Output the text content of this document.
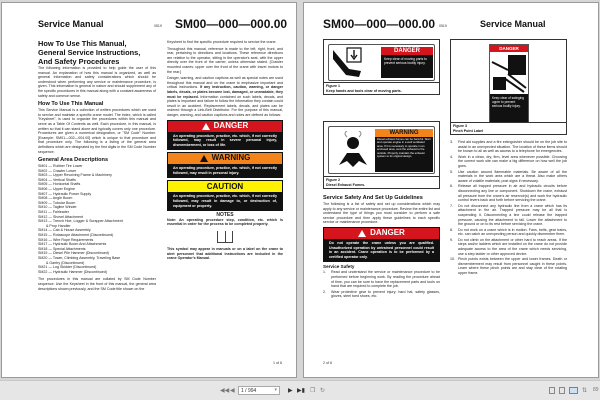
Service Manual	0519 SM00—000—000.00
How To Use This Manual, General Service Instructions, And Safety Procedures

The following information is provided to help guide the user of this manual. An explanation of how this manual is organized, as well as general information and safety considerations which should be understood when performing any service or maintenance procedure, is given. This information is general in nature and should supplement any of the specific procedures in this manual along with a constant awareness of safety and common sense.

How To Use This Manual

This Service Manual is a collection of written procedures which are used to service and maintain a specific crane model. The index, which is called "Keysheet", is used to organize the procedures within this manual and serve as a Table Of Contents as well. Each procedure, in this manual, is written so that it can stand alone and typically covers only one procedure. Procedures are given a numerical designation, or "SM Code" Number. [Example: SM01—002—004.00] which is unique to that procedure and that procedure only. The following is a listing of the general area definitions which are designated by the first digits in the SM Code Number sequence.

General Area Descriptions
SM01 — Rubber Tire Lower
SM02 — Crawler Lower
SM03 — Upper Revolving Frame & Machinery
SM04 — Vertical Shafts
SM05 — Horizontal Shafts
SM06 — Upper Engine
SM07 — Hydraulic Power Supply
SM08 — Angle Boom
SM09 — Tubular Boom
SM10 — Tagline Winder
SM11 — Fairleader
SM12 — Shovel Attachment
SM13 — Trench Hoe, Logger & Scrapper Attachment
& Prop Handler
SM14 — Cab & House Assembly
SM15 — Rotascope Attachment (Discontinued)
SM16 — Wire Rope Requirements
SM17 — Hydraulic Boom And Attachments
SM18 — Special Attachments
SM19 — Diesel Pile Hammer (Discontinued)
SM20 — Tower, Climbing Assembly, Traveling Base
& Gantry (Discontinued)
SM21 — Log Skidder (Discontinued)
SM22 — Hydraulic Hammer (Discontinued)

The procedures in this manual are collated by SM Code Number sequence. Use the Keysheet in the front of this manual, the general area descriptions shown previously, and the SM Code title shown on the

Keysheet to find the specific procedure required to service the crane.

Throughout this manual, reference is made to the left, right, front, and rear, pertaining to directions and locations. These reference directions are relative to the operator, sitting in the operator's seat, with the upper directly over the front of the carrier, unless otherwise stated. [Crawler mounted cranes: upper over the front of the crane with travel motors to the rear.]

Danger, warning, and caution captions as well as special notes are used throughout this manual and on the crane to emphasize important and critical instructions. If any instruction, caution, warning, or danger labels, decals, or plates become lost, damaged, or unreadable, they must be replaced. Information contained on such labels, decals, and plates is important and failure to follow the information they contain could result in an accident. Replacement labels, decals, and plates can be ordered through a Link-Belt Distributor. For the purpose of this manual, danger, warning, and caution captions and notes are defined as follows:

DANGER
An operating procedure, practice, etc. which, if not correctly followed, may result in severe personal injury, dismemberment, or loss of life.
WARNING
An operating procedure, practice, etc. which, if not correctly followed, may result in personal injury.
CAUTION
An operating procedure, practice, etc. which, if not correctly followed, may result in damage to, or destruction of, equipment or property.
NOTES

Note: An operating procedure step, condition, etc. which is essential in order for the process to be completed properly.

This symbol may appear in manuals or on a label on the crane to alert personnel that additional instructions are included in the crane Operator's Manual.

1 of 6
SM00—000—000.00 0519	Service Manual
DANGER
Keep clear of moving parts to prevent serious bodily injury.
Figure 1
Keep hands and tools clear of moving parts.
DANGER
Keep clear of swinging upper to prevent serious bodily injury.
Figure 3
Pinch Point Label
WARNING
Diesel exhaust fumes can be harmful. Start and operate engine in a well ventilated area. If it is necessary to operate in an enclosed area, vent the exhaust to the outside. Properly maintain the exhaust system to its original design.
Figure 2
Diesel Exhaust Fumes.
Service Safety And Set Up Guidelines

The following is a list of safety and set up considerations which may apply to any service or maintenance procedure. Review the entire list and understand the type of things you must consider to perform a safe service procedure and then apply these guidelines to each specific service or maintenance procedure.

DANGER
Do not operate the crane unless you are qualified. Unauthorized operation by untrained personnel could result in an accident. Crane operation is to be performed by a certified operator only.
Service Safety
1.	Read and understand the service or maintenance procedure to be performed before beginning work. By reading the procedure ahead of time, you can be sure to have the replacement parts and tools on hand that are required to complete the job.
2.	Wear protective gear to prevent injury; hard hat, safety glasses, gloves, steel toed shoes, etc.
3.	First aid supplies and a fire extinguisher should be on the job site to assist in an unexpected situation. The location of these items should be known to all as well as access to a telephone for emergencies.
4.	Work in a clean, dry, firm, level area whenever possible. Choosing the correct work site can make a big difference on how well the job goes.
5.	Use caution around flammable materials. Be aware of all the materials in the work area which are a threat. Also make others aware of volatile materials; post signs if necessary.
6.	Release all trapped pressure in air and hydraulic circuits before disconnecting any line or component. Shutdown the crane, exhaust all pressure from the crane's air reservoir(s) and work the hydraulic control levers back and forth before servicing the crane.
7.	Do not disconnect any hydraulic line from a crane which has its attachment in the air. Trapped pressure may be all that is suspending it. Disconnecting a line could release the trapped pressure, causing the attachment to fall. Lower the attachment to the ground or on to its rest before servicing the crane.
8.	Do not work on a crane which is in motion. Fans, belts, gear trains, etc. can catch an unexpecting person and quickly dismember them.
9.	Do not climb on the attachment or other hard to reach areas. If the steps and/or ladders which are installed on the crane do not provide adequate access to the area of the crane which needs servicing, use a step ladder or other approved device.
10. Pinch points exists between the upper and lower frames. Death or dismemberment may result from personnel caught in these points. Learn where these pinch points are and stay clear of the rotating upper frame.
2 of 6
◀◀ ◀	1 / 994	▾ ▶ ▶▮ ❐ ↻	⇅ 89
